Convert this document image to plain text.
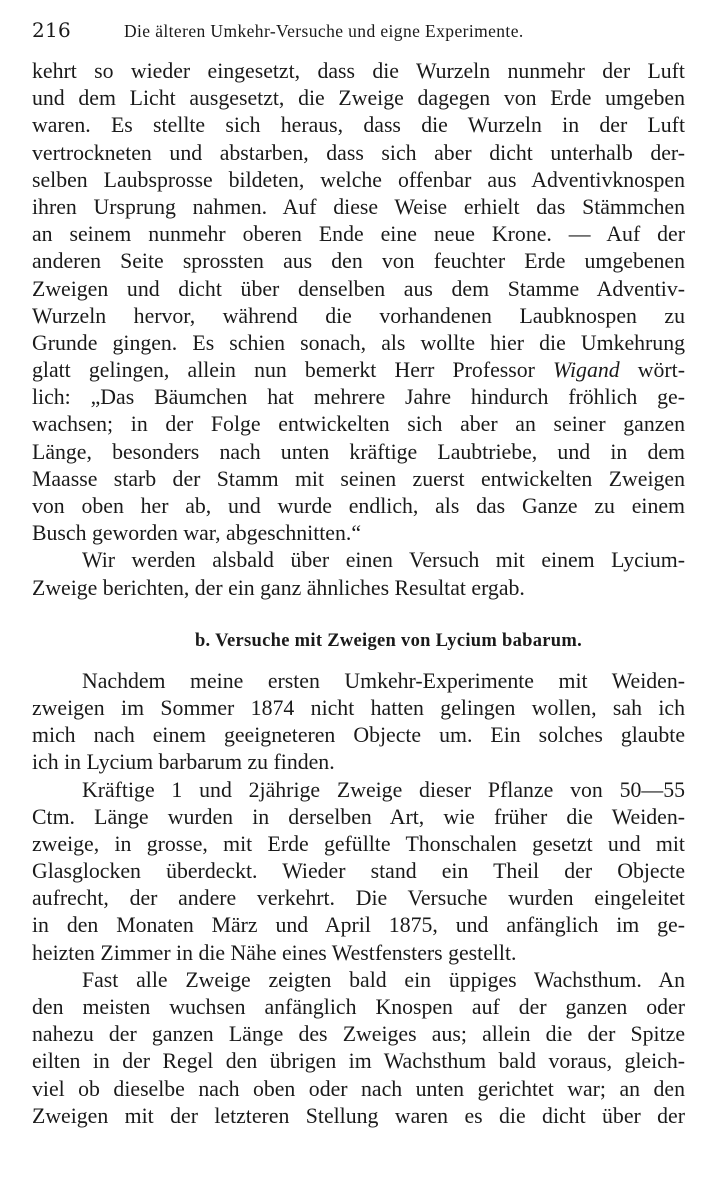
216	Die älteren Umkehr-Versuche und eigne Experimente.
kehrt so wieder eingesetzt, dass die Wurzeln nunmehr der Luft
und dem Licht ausgesetzt, die Zweige dagegen von Erde umgeben
waren. Es stellte sich heraus, dass die Wurzeln in der Luft
vertrockneten und abstarben, dass sich aber dicht unterhalb der-
selben Laubsprosse bildeten, welche offenbar aus Adventivknospen
ihren Ursprung nahmen. Auf diese Weise erhielt das Stämmchen
an seinem nunmehr oberen Ende eine neue Krone. — Auf der
anderen Seite sprossten aus den von feuchter Erde umgebenen
Zweigen und dicht über denselben aus dem Stamme Adventiv-
Wurzeln hervor, während die vorhandenen Laubknospen zu
Grunde gingen. Es schien sonach, als wollte hier die Umkehrung
glatt gelingen, allein nun bemerkt Herr Professor Wigand wört-
lich: „Das Bäumchen hat mehrere Jahre hindurch fröhlich ge-
wachsen; in der Folge entwickelten sich aber an seiner ganzen
Länge, besonders nach unten kräftige Laubtriebe, und in dem
Maasse starb der Stamm mit seinen zuerst entwickelten Zweigen
von oben her ab, und wurde endlich, als das Ganze zu einem
Busch geworden war, abgeschnitten.“
Wir werden alsbald über einen Versuch mit einem Lycium-
Zweige berichten, der ein ganz ähnliches Resultat ergab.
b. Versuche mit Zweigen von Lycium babarum.
Nachdem meine ersten Umkehr-Experimente mit Weiden-
zweigen im Sommer 1874 nicht hatten gelingen wollen, sah ich
mich nach einem geeigneteren Objecte um. Ein solches glaubte
ich in Lycium barbarum zu finden.
Kräftige 1 und 2jährige Zweige dieser Pflanze von 50—55
Ctm. Länge wurden in derselben Art, wie früher die Weiden-
zweige, in grosse, mit Erde gefüllte Thonschalen gesetzt und mit
Glasglocken überdeckt. Wieder stand ein Theil der Objecte
aufrecht, der andere verkehrt. Die Versuche wurden eingeleitet
in den Monaten März und April 1875, und anfänglich im ge-
heizten Zimmer in die Nähe eines Westfensters gestellt.
Fast alle Zweige zeigten bald ein üppiges Wachsthum. An
den meisten wuchsen anfänglich Knospen auf der ganzen oder
nahezu der ganzen Länge des Zweiges aus; allein die der Spitze
eilten in der Regel den übrigen im Wachsthum bald voraus, gleich-
viel ob dieselbe nach oben oder nach unten gerichtet war; an den
Zweigen mit der letzteren Stellung waren es die dicht über der
